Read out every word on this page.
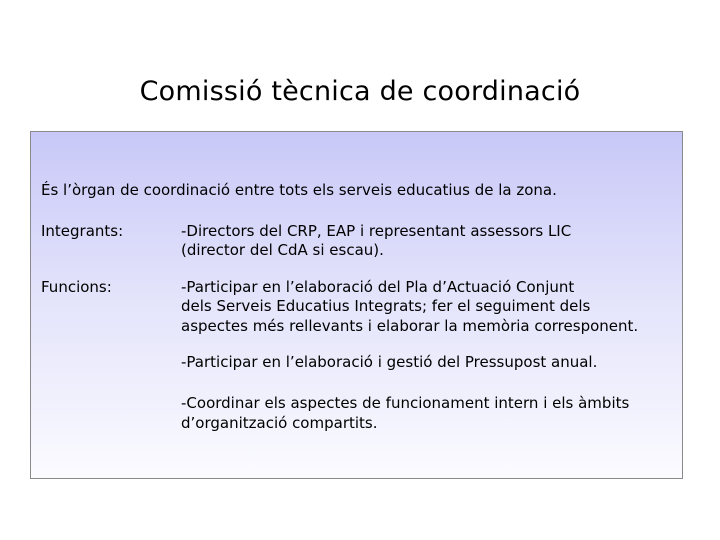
Comissió tècnica de coordinació
És l’òrgan de coordinació entre tots els serveis educatius de la zona.
Integrants:	-Directors del CRP, EAP i representant assessors LIC
(director del CdA si escau).
Funcions:	-Participar en l’elaboració del Pla d’Actuació Conjunt
dels Serveis Educatius Integrats; fer el seguiment dels
aspectes més rellevants i elaborar la memòria corresponent.
-Participar en l’elaboració i gestió del Pressupost anual.
-Coordinar els aspectes de funcionament intern i els àmbits
d’organització compartits.
